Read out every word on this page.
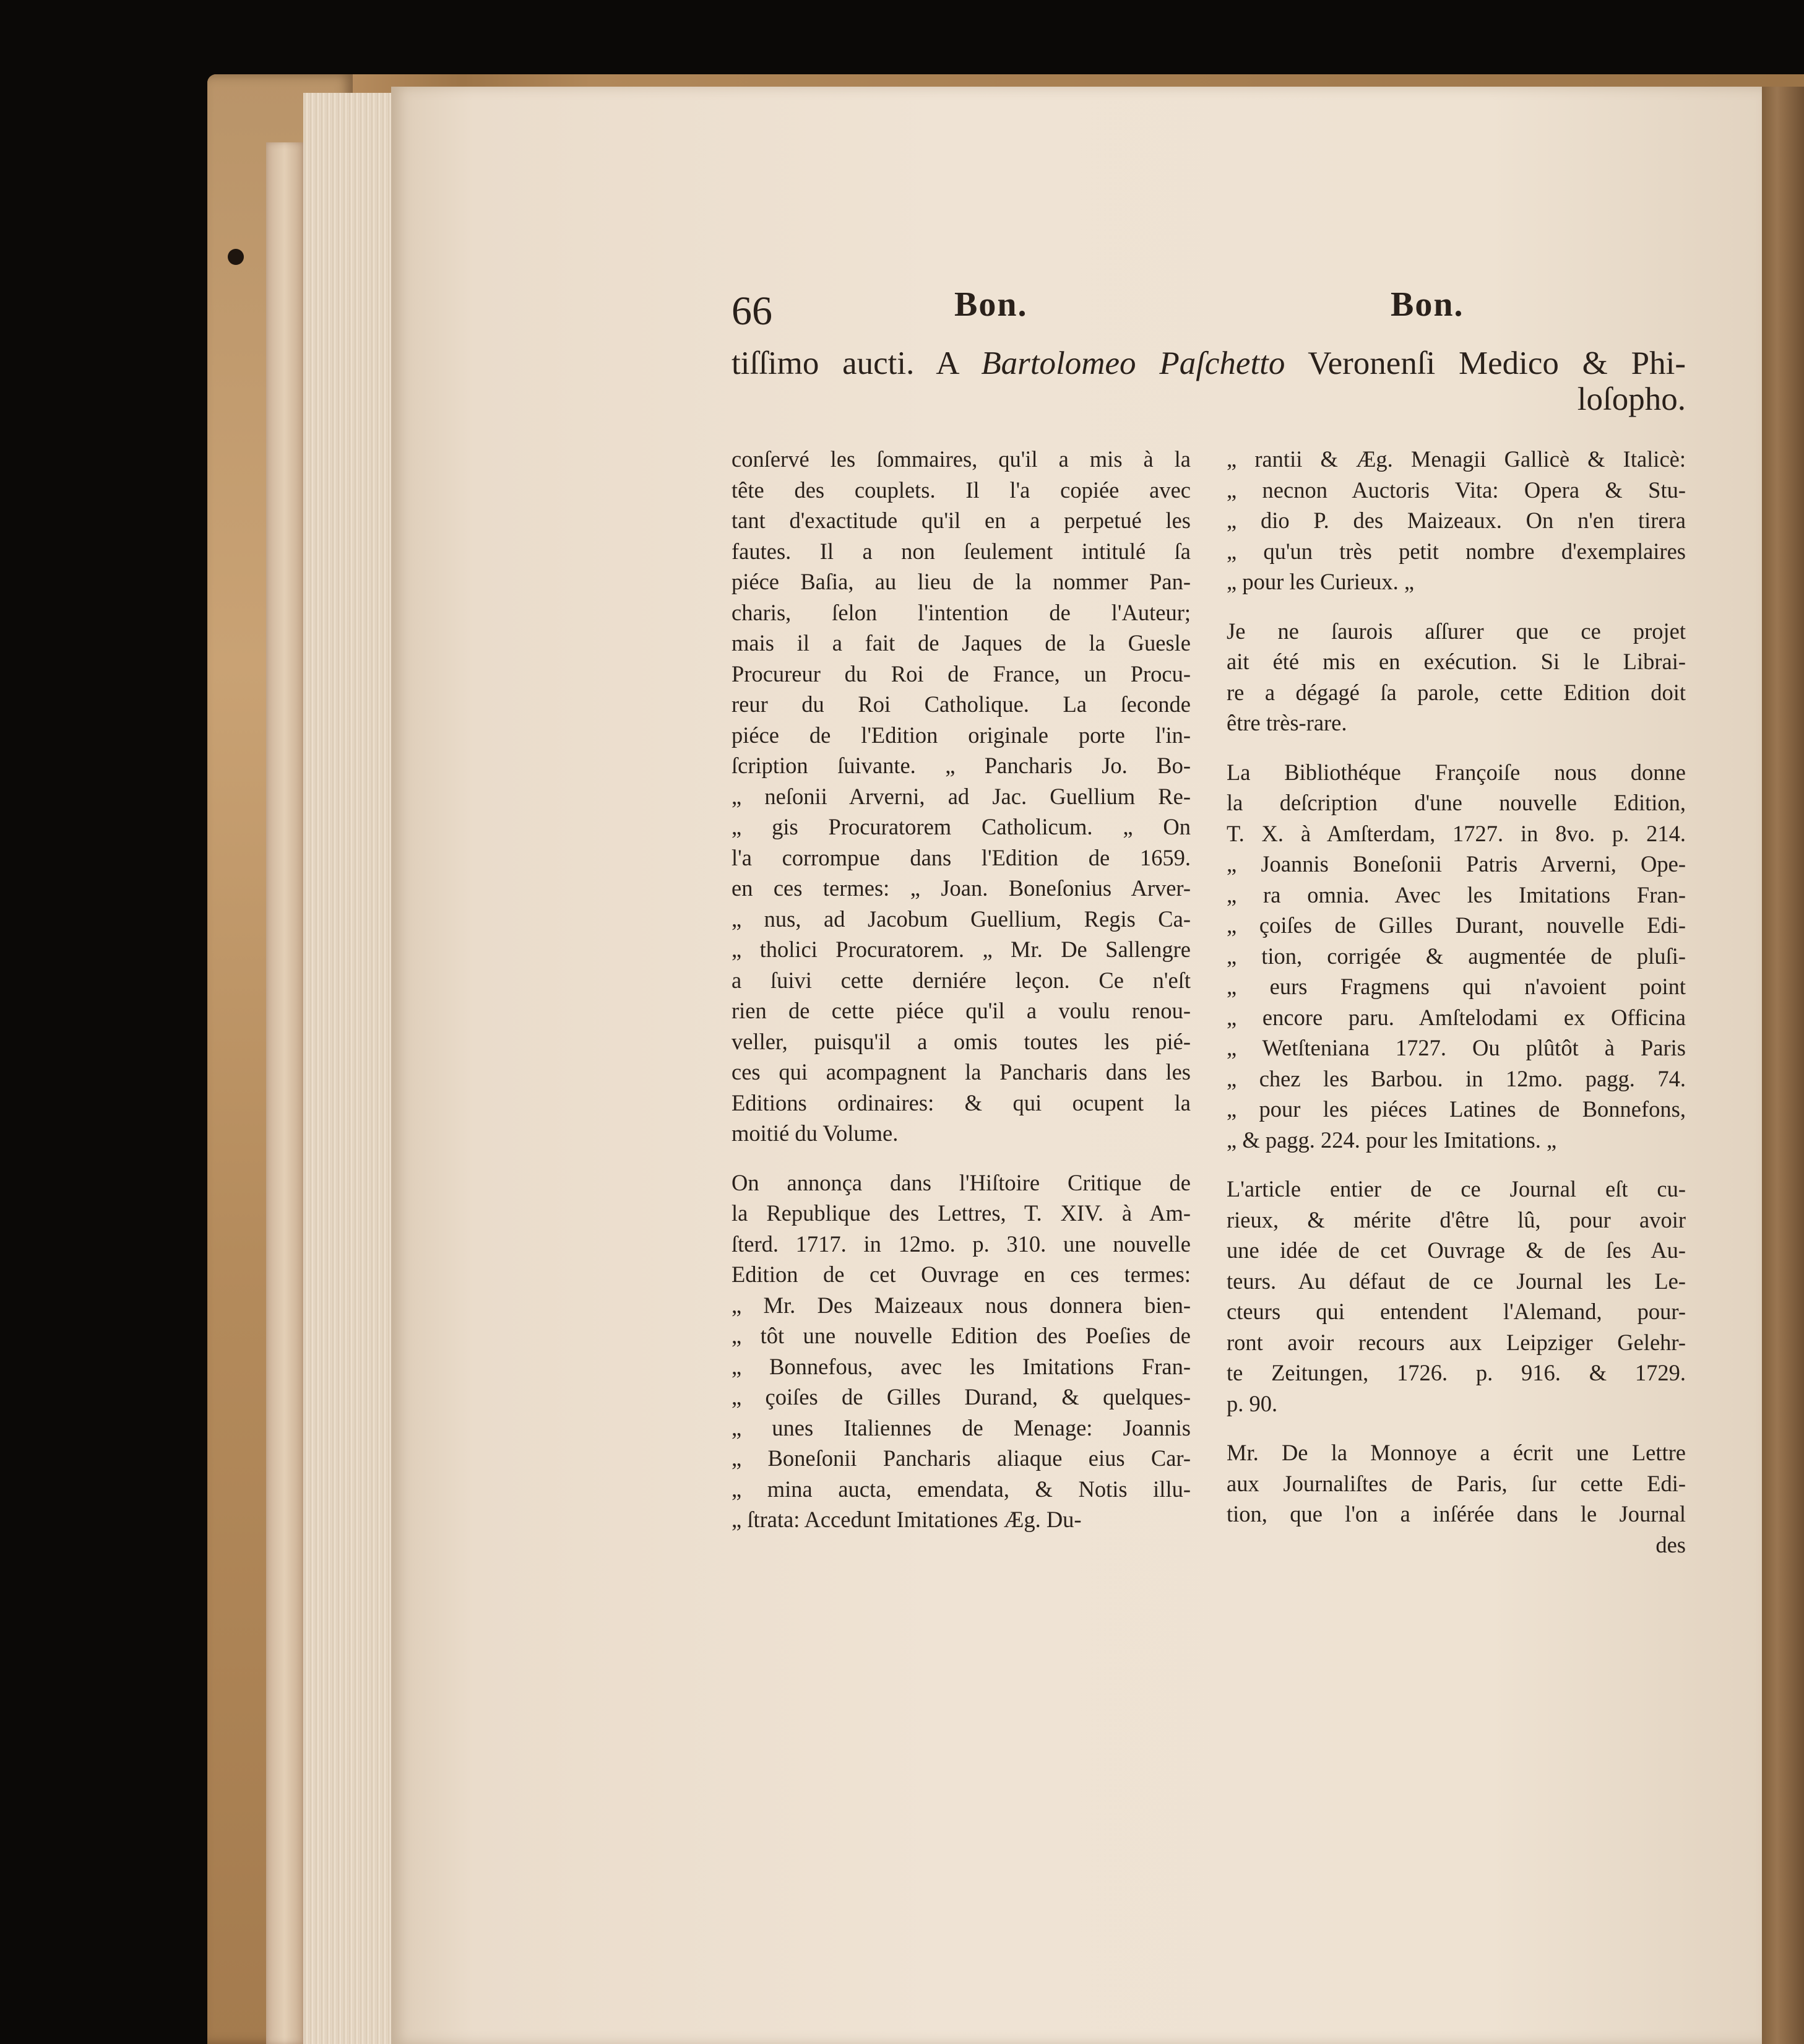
66	Bon.	Bon.
tiſſimo aucti. A Bartolomeo Paſchetto Veronenſi Medico & Phi-
loſopho.
conſervé les ſommaires, qu'il a mis à la
tête des couplets. Il l'a copiée avec
tant d'exactitude qu'il en a perpetué les
fautes. Il a non ſeulement intitulé ſa
piéce Baſia, au lieu de la nommer Pan-
charis, ſelon l'intention de l'Auteur;
mais il a fait de Jaques de la Guesle
Procureur du Roi de France, un Procu-
reur du Roi Catholique. La ſeconde
piéce de l'Edition originale porte l'in-
ſcription ſuivante. „ Pancharis Jo. Bo-
„ neſonii Arverni, ad Jac. Guellium Re-
„ gis Procuratorem Catholicum. „ On
l'a corrompue dans l'Edition de 1659.
en ces termes: „ Joan. Boneſonius Arver-
„ nus, ad Jacobum Guellium, Regis Ca-
„ tholici Procuratorem. „ Mr. De Sallengre
a ſuivi cette derniére leçon. Ce n'eſt
rien de cette piéce qu'il a voulu renou-
veller, puisqu'il a omis toutes les pié-
ces qui acompagnent la Pancharis dans les
Editions ordinaires: & qui ocupent la
moitié du Volume.
On annonça dans l'Hiſtoire Critique de
la Republique des Lettres, T. XIV. à Am-
ſterd. 1717. in 12mo. p. 310. une nouvelle
Edition de cet Ouvrage en ces termes:
„ Mr. Des Maizeaux nous donnera bien-
„ tôt une nouvelle Edition des Poeſies de
„ Bonnefous, avec les Imitations Fran-
„ çoiſes de Gilles Durand, & quelques-
„ unes Italiennes de Menage: Joannis
„ Boneſonii Pancharis aliaque eius Car-
„ mina aucta, emendata, & Notis illu-
„ ſtrata: Accedunt Imitationes Æg. Du-
„ rantii & Æg. Menagii Gallicè & Italicè:
„ necnon Auctoris Vita: Opera & Stu-
„ dio P. des Maizeaux. On n'en tirera
„ qu'un très petit nombre d'exemplaires
„ pour les Curieux. „
Je ne ſaurois aſſurer que ce projet
ait été mis en exécution. Si le Librai-
re a dégagé ſa parole, cette Edition doit
être très-rare.
La Bibliothéque Françoiſe nous donne
la deſcription d'une nouvelle Edition,
T. X. à Amſterdam, 1727. in 8vo. p. 214.
„ Joannis Boneſonii Patris Arverni, Ope-
„ ra omnia. Avec les Imitations Fran-
„ çoiſes de Gilles Durant, nouvelle Edi-
„ tion, corrigée & augmentée de pluſi-
„ eurs Fragmens qui n'avoient point
„ encore paru. Amſtelodami ex Officina
„ Wetſteniana 1727. Ou plûtôt à Paris
„ chez les Barbou. in 12mo. pagg. 74.
„ pour les piéces Latines de Bonnefons,
„ & pagg. 224. pour les Imitations. „
L'article entier de ce Journal eſt cu-
rieux, & mérite d'être lû, pour avoir
une idée de cet Ouvrage & de ſes Au-
teurs. Au défaut de ce Journal les Le-
cteurs qui entendent l'Alemand, pour-
ront avoir recours aux Leipziger Gelehr-
te Zeitungen, 1726. p. 916. & 1729.
p. 90.
Mr. De la Monnoye a écrit une Lettre
aux Journaliſtes de Paris, ſur cette Edi-
tion, que l'on a inſérée dans le Journal
des
